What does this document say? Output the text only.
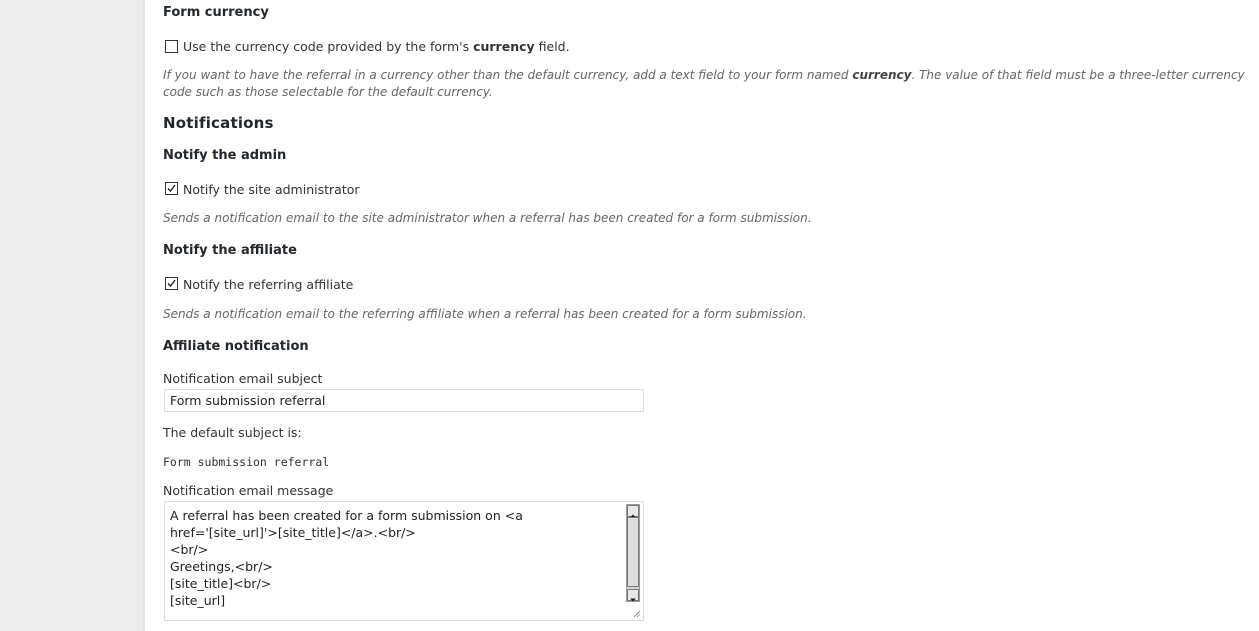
Form currency
Use the currency code provided by the form's currency field.
If you want to have the referral in a currency other than the default currency, add a text field to your form named currency. The value of that field must be a three-letter currency
code such as those selectable for the default currency.
Notifications
Notify the admin
Notify the site administrator
Sends a notification email to the site administrator when a referral has been created for a form submission.
Notify the affiliate
Notify the referring affiliate
Sends a notification email to the referring affiliate when a referral has been created for a form submission.
Affiliate notification
Notification email subject
Form submission referral
The default subject is:
Form submission referral
Notification email message
A referral has been created for a form submission on <a
href='[site_url]'>[site_title]</a>.<br/>
<br/>
Greetings,<br/>
[site_title]<br/>
[site_url]
